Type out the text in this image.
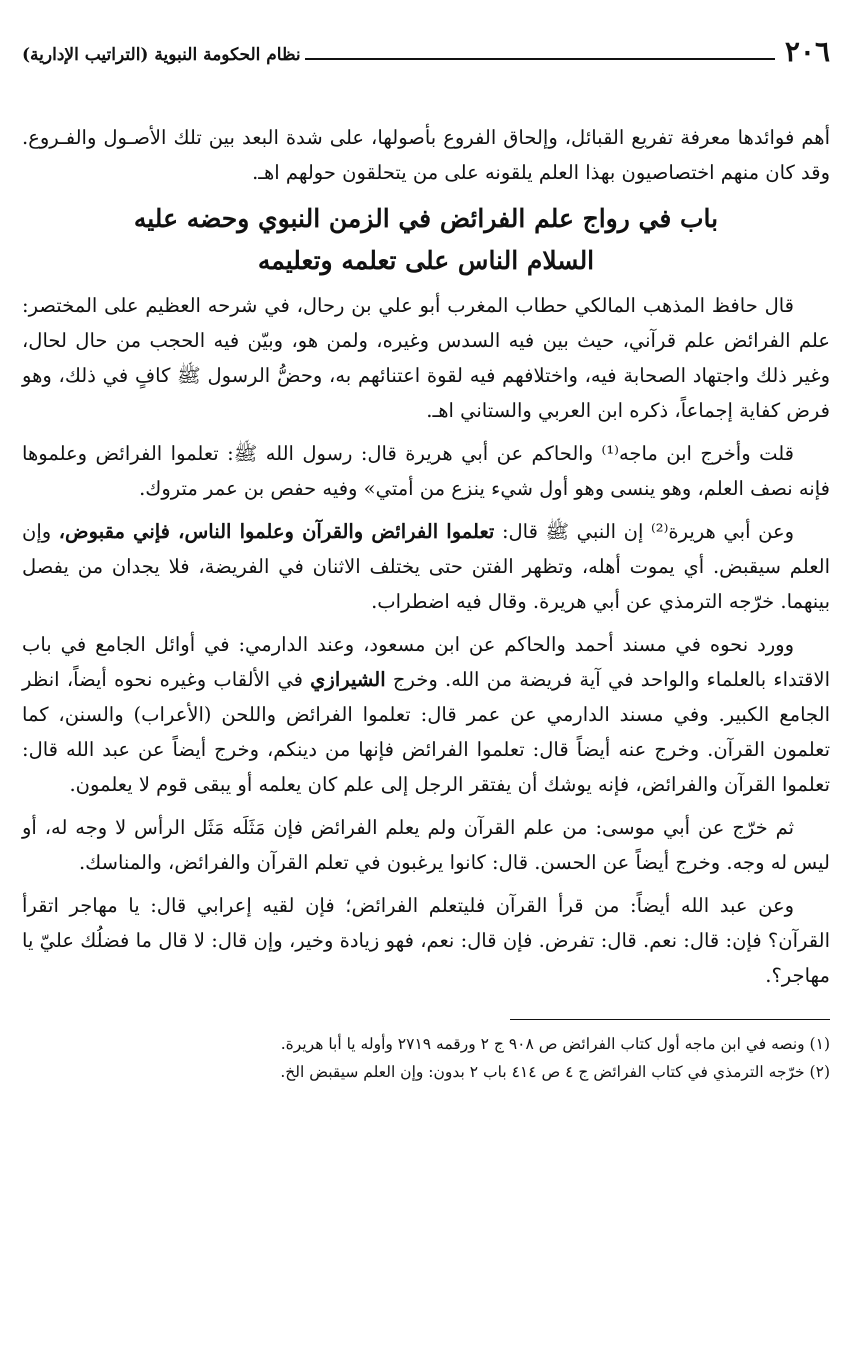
٢٠٦
نظام الحكومة النبوية (التراتيب الإدارية)

أهم فوائدها معرفة تفريع القبائل، وإلحاق الفروع بأصولها، على شدة البعد بين تلك الأصـول والفـروع. وقد كان منهم اختصاصيون بهذا العلم يلقونه على من يتحلقون حولهم اهـ.

باب في رواج علم الفرائض في الزمن النبوي وحضه عليه
السلام الناس على تعلمه وتعليمه

قال حافظ المذهب المالكي حطاب المغرب أبو علي بن رحال، في شرحه العظيم على المختصر: علم الفرائض علم قرآني، حيث بين فيه السدس وغيره، ولمن هو، وبيّن فيه الحجب من حال لحال، وغير ذلك واجتهاد الصحابة فيه، واختلافهم فيه لقوة اعتنائهم به، وحضُّ الرسول ﷺ كافٍ في ذلك، وهو فرض كفاية إجماعاً، ذكره ابن العربي والستاني اهـ.

قلت وأخرج ابن ماجه⁽¹⁾ والحاكم عن أبي هريرة قال: رسول الله ﷺ: تعلموا الفرائض وعلموها فإنه نصف العلم، وهو ينسى وهو أول شيء ينزع من أمتي» وفيه حفص بن عمر متروك.

وعن أبي هريرة⁽²⁾ إن النبي ﷺ قال: تعلموا الفرائض والقرآن وعلموا الناس، فإني مقبوض، وإن العلم سيقبض. أي يموت أهله، وتظهر الفتن حتى يختلف الاثنان في الفريضة، فلا يجدان من يفصل بينهما. خرّجه الترمذي عن أبي هريرة. وقال فيه اضطراب.

وورد نحوه في مسند أحمد والحاكم عن ابن مسعود، وعند الدارمي: في أوائل الجامع في باب الاقتداء بالعلماء والواحد في آية فريضة من الله. وخرج الشيرازي في الألقاب وغيره نحوه أيضاً، انظر الجامع الكبير. وفي مسند الدارمي عن عمر قال: تعلموا الفرائض واللحن (الأعراب) والسنن، كما تعلمون القرآن. وخرج عنه أيضاً قال: تعلموا الفرائض فإنها من دينكم، وخرج أيضاً عن عبد الله قال: تعلموا القرآن والفرائض، فإنه يوشك أن يفتقر الرجل إلى علم كان يعلمه أو يبقى قوم لا يعلمون.

ثم خرّج عن أبي موسى: من علم القرآن ولم يعلم الفرائض فإن مَثَلَه مَثَل الرأس لا وجه له، أو ليس له وجه. وخرج أيضاً عن الحسن. قال: كانوا يرغبون في تعلم القرآن والفرائض، والمناسك.

وعن عبد الله أيضاً: من قرأ القرآن فليتعلم الفرائض؛ فإن لقيه إعرابي قال: يا مهاجر اتقرأ القرآن؟ فإن: قال: نعم. قال: تفرض. فإن قال: نعم، فهو زيادة وخير، وإن قال: لا قال ما فضلُك عليّ يا مهاجر؟.

(١) ونصه في ابن ماجه أول كتاب الفرائض ص ٩٠٨ ج ٢ ورقمه ٢٧١٩ وأوله يا أبا هريرة.

(٢) خرّجه الترمذي في كتاب الفرائض ج ٤ ص ٤١٤ باب ٢ بدون: وإن العلم سيقبض الخ.
